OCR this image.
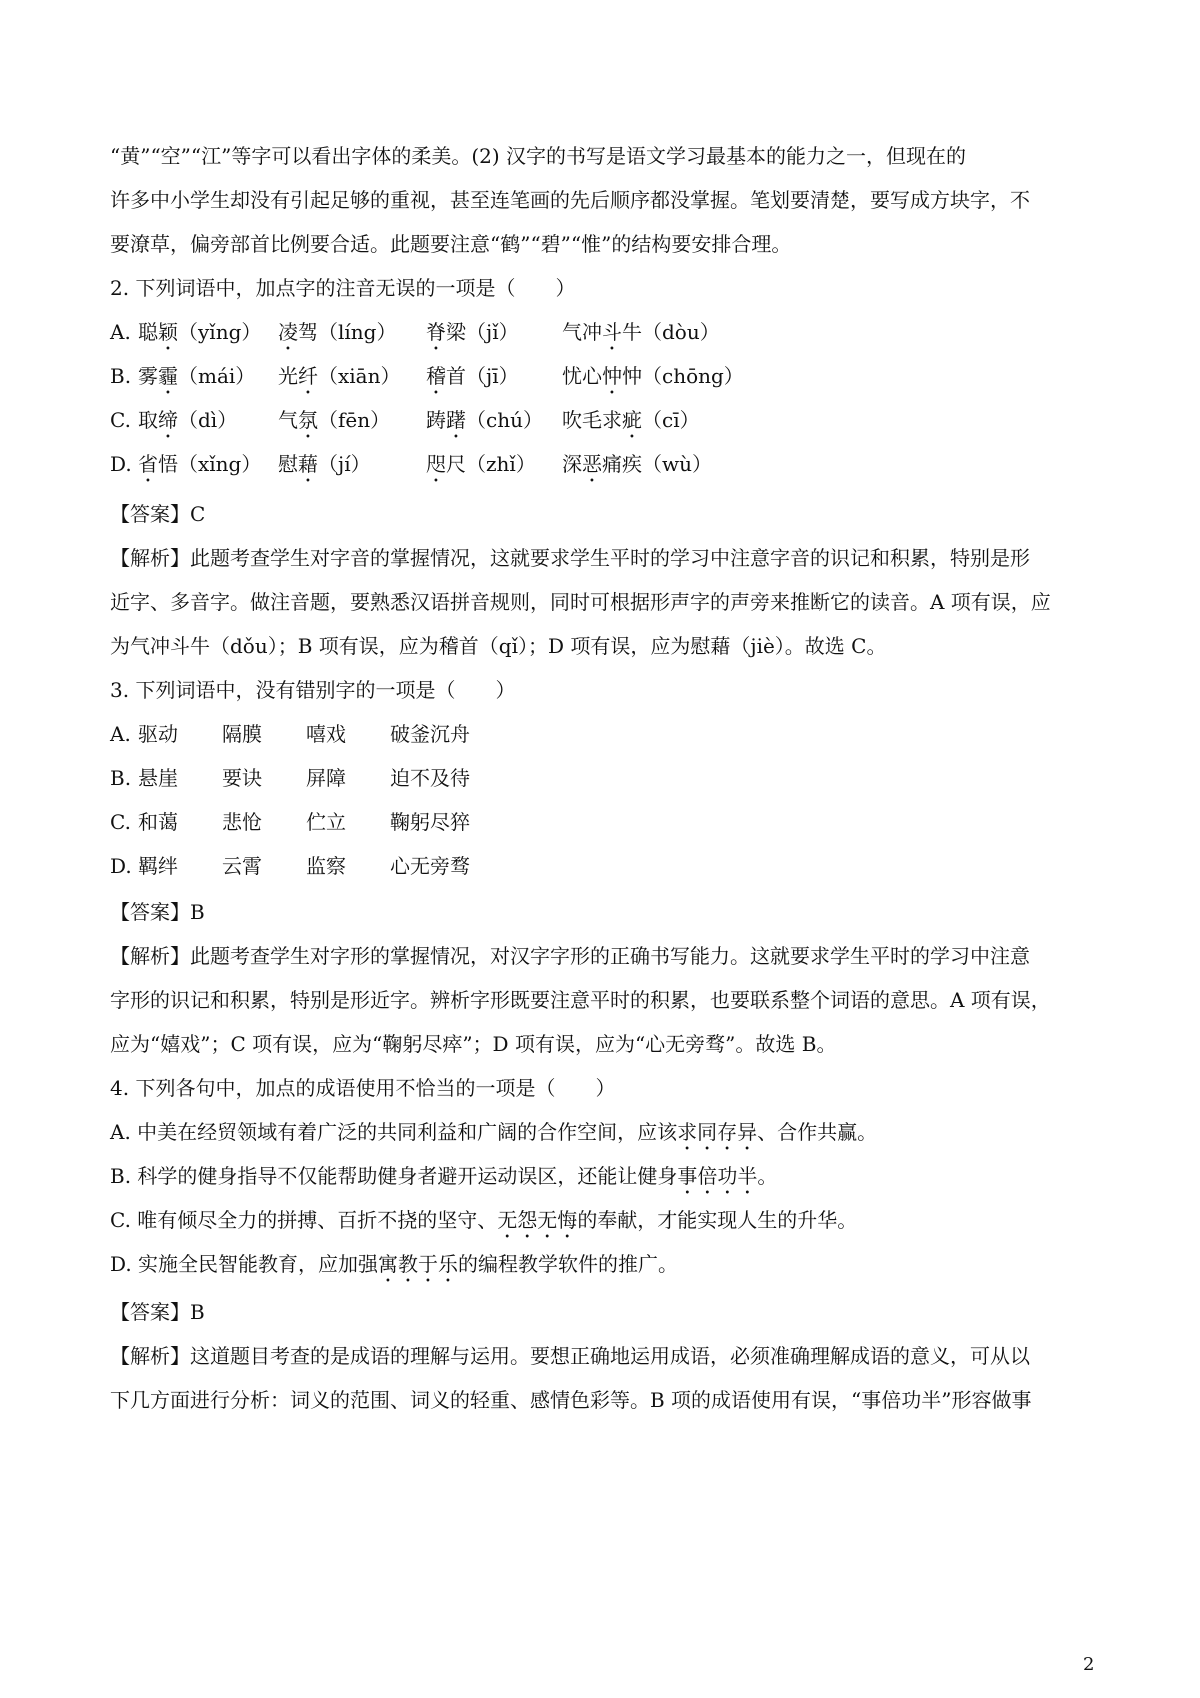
“黄”“空”“江”等字可以看出字体的柔美。(2) 汉字的书写是语文学习最基本的能力之一，但现在的
许多中小学生却没有引起足够的重视，甚至连笔画的先后顺序都没掌握。笔划要清楚，要写成方块字，不
要潦草，偏旁部首比例要合适。此题要注意“鹤”“碧”“惟”的结构要安排合理。
2. 下列词语中，加点字的注音无误的一项是（　　）
A. 聪颖（yǐng） 凌驾（líng） 脊梁（jǐ） 气冲斗牛（dòu）
B. 雾霾（mái） 光纤（xiān） 稽首（jī） 忧心忡忡（chōng）
C. 取缔（dì） 气氛（fēn） 踌躇（chú） 吹毛求疵（cī）
D. 省悟（xǐng） 慰藉（jí）	咫尺（zhǐ） 深恶痛疾（wù）
【答案】C
【解析】此题考查学生对字音的掌握情况，这就要求学生平时的学习中注意字音的识记和积累，特别是形
近字、多音字。做注音题，要熟悉汉语拼音规则，同时可根据形声字的声旁来推断它的读音。A 项有误，应
为气冲斗牛（dǒu）；B 项有误，应为稽首（qǐ）；D 项有误，应为慰藉（jiè）。故选 C。
3. 下列词语中，没有错别字的一项是（　　）
A. 驱动 隔膜 嘻戏 破釜沉舟
B. 悬崖 要诀 屏障 迫不及待
C. 和蔼 悲怆 伫立 鞠躬尽猝
D. 羁绊 云霄 监察 心无旁骛
【答案】B
【解析】此题考查学生对字形的掌握情况，对汉字字形的正确书写能力。这就要求学生平时的学习中注意
字形的识记和积累，特别是形近字。辨析字形既要注意平时的积累，也要联系整个词语的意思。A 项有误，
应为“嬉戏”；C 项有误，应为“鞠躬尽瘁”；D 项有误，应为“心无旁骛”。故选 B。
4. 下列各句中，加点的成语使用不恰当的一项是（　　）
A. 中美在经贸领域有着广泛的共同利益和广阔的合作空间，应该求同存异、合作共赢。
B. 科学的健身指导不仅能帮助健身者避开运动误区，还能让健身事倍功半。
C. 唯有倾尽全力的拼搏、百折不挠的坚守、无怨无悔的奉献，才能实现人生的升华。
D. 实施全民智能教育，应加强寓教于乐的编程教学软件的推广。
【答案】B
【解析】这道题目考查的是成语的理解与运用。要想正确地运用成语，必须准确理解成语的意义，可从以
下几方面进行分析：词义的范围、词义的轻重、感情色彩等。B 项的成语使用有误，“事倍功半”形容做事
2
